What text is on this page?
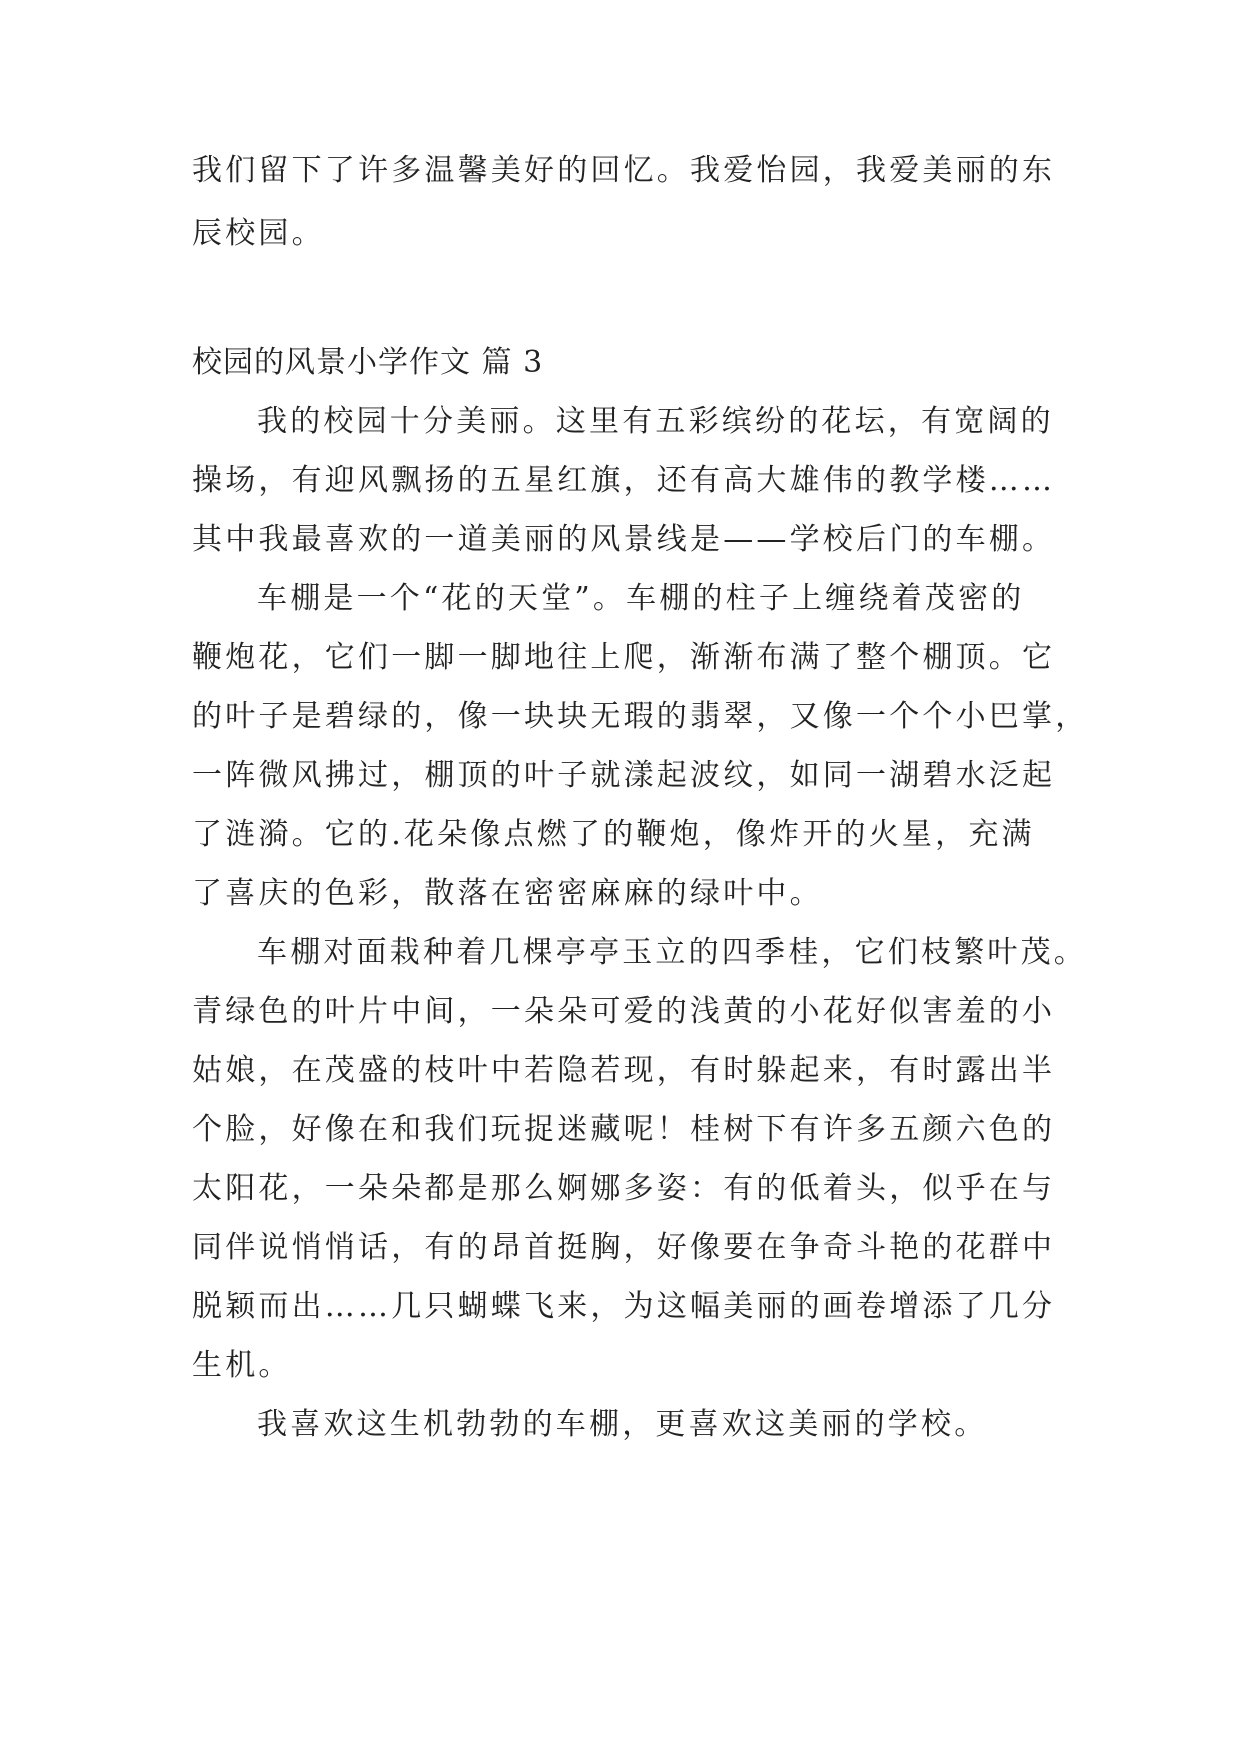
我们留下了许多温馨美好的回忆。我爱怡园，我爱美丽的东
辰校园。
校园的风景小学作文 篇 3
我的校园十分美丽。这里有五彩缤纷的花坛，有宽阔的
操场，有迎风飘扬的五星红旗，还有高大雄伟的教学楼……
其中我最喜欢的一道美丽的风景线是——学校后门的车棚。
车棚是一个“花的天堂”。车棚的柱子上缠绕着茂密的
鞭炮花，它们一脚一脚地往上爬，渐渐布满了整个棚顶。它
的叶子是碧绿的，像一块块无瑕的翡翠，又像一个个小巴掌，
一阵微风拂过，棚顶的叶子就漾起波纹，如同一湖碧水泛起
了涟漪。它的.花朵像点燃了的鞭炮，像炸开的火星，充满
了喜庆的色彩，散落在密密麻麻的绿叶中。
车棚对面栽种着几棵亭亭玉立的四季桂，它们枝繁叶茂。
青绿色的叶片中间，一朵朵可爱的浅黄的小花好似害羞的小
姑娘，在茂盛的枝叶中若隐若现，有时躲起来，有时露出半
个脸，好像在和我们玩捉迷藏呢！桂树下有许多五颜六色的
太阳花，一朵朵都是那么婀娜多姿：有的低着头，似乎在与
同伴说悄悄话，有的昂首挺胸，好像要在争奇斗艳的花群中
脱颖而出……几只蝴蝶飞来，为这幅美丽的画卷增添了几分
生机。
我喜欢这生机勃勃的车棚，更喜欢这美丽的学校。
